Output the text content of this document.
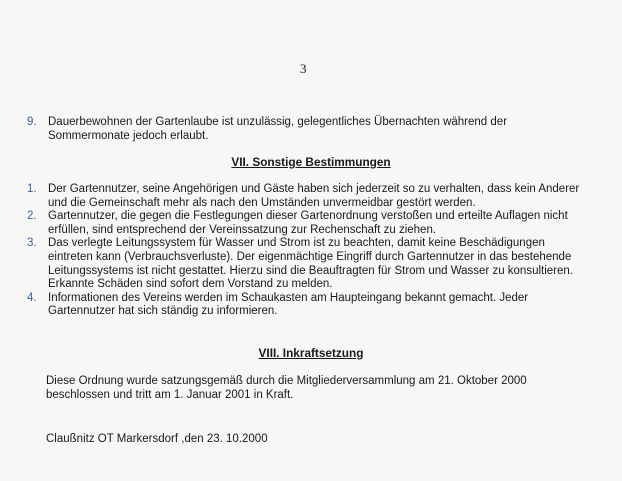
3
9. Dauerbewohnen der Gartenlaube ist unzulässig, gelegentliches Übernachten während der Sommermonate jedoch erlaubt.
VII. Sonstige Bestimmungen
1. Der Gartennutzer, seine Angehörigen und Gäste haben sich jederzeit so zu verhalten, dass kein Anderer und die Gemeinschaft mehr als nach den Umständen unvermeidbar gestört werden.
2. Gartennutzer, die gegen die Festlegungen dieser Gartenordnung verstoßen und erteilte Auflagen nicht erfüllen, sind entsprechend der Vereinssatzung zur Rechenschaft zu ziehen.
3. Das verlegte Leitungssystem für Wasser und Strom ist zu beachten, damit keine Beschädigungen eintreten kann (Verbrauchsverluste). Der eigenmächtige Eingriff durch Gartennutzer in das bestehende Leitungssystems ist nicht gestattet. Hierzu sind die Beauftragten für Strom und Wasser zu konsultieren. Erkannte Schäden sind sofort dem Vorstand zu melden.
4. Informationen des Vereins werden im Schaukasten am Haupteingang bekannt gemacht. Jeder Gartennutzer hat sich ständig zu informieren.
VIII. Inkraftsetzung
Diese Ordnung wurde satzungsgemäß durch die Mitgliederversammlung am 21. Oktober 2000 beschlossen und tritt am 1. Januar 2001 in Kraft.
Claußnitz OT Markersdorf ,den 23. 10.2000
